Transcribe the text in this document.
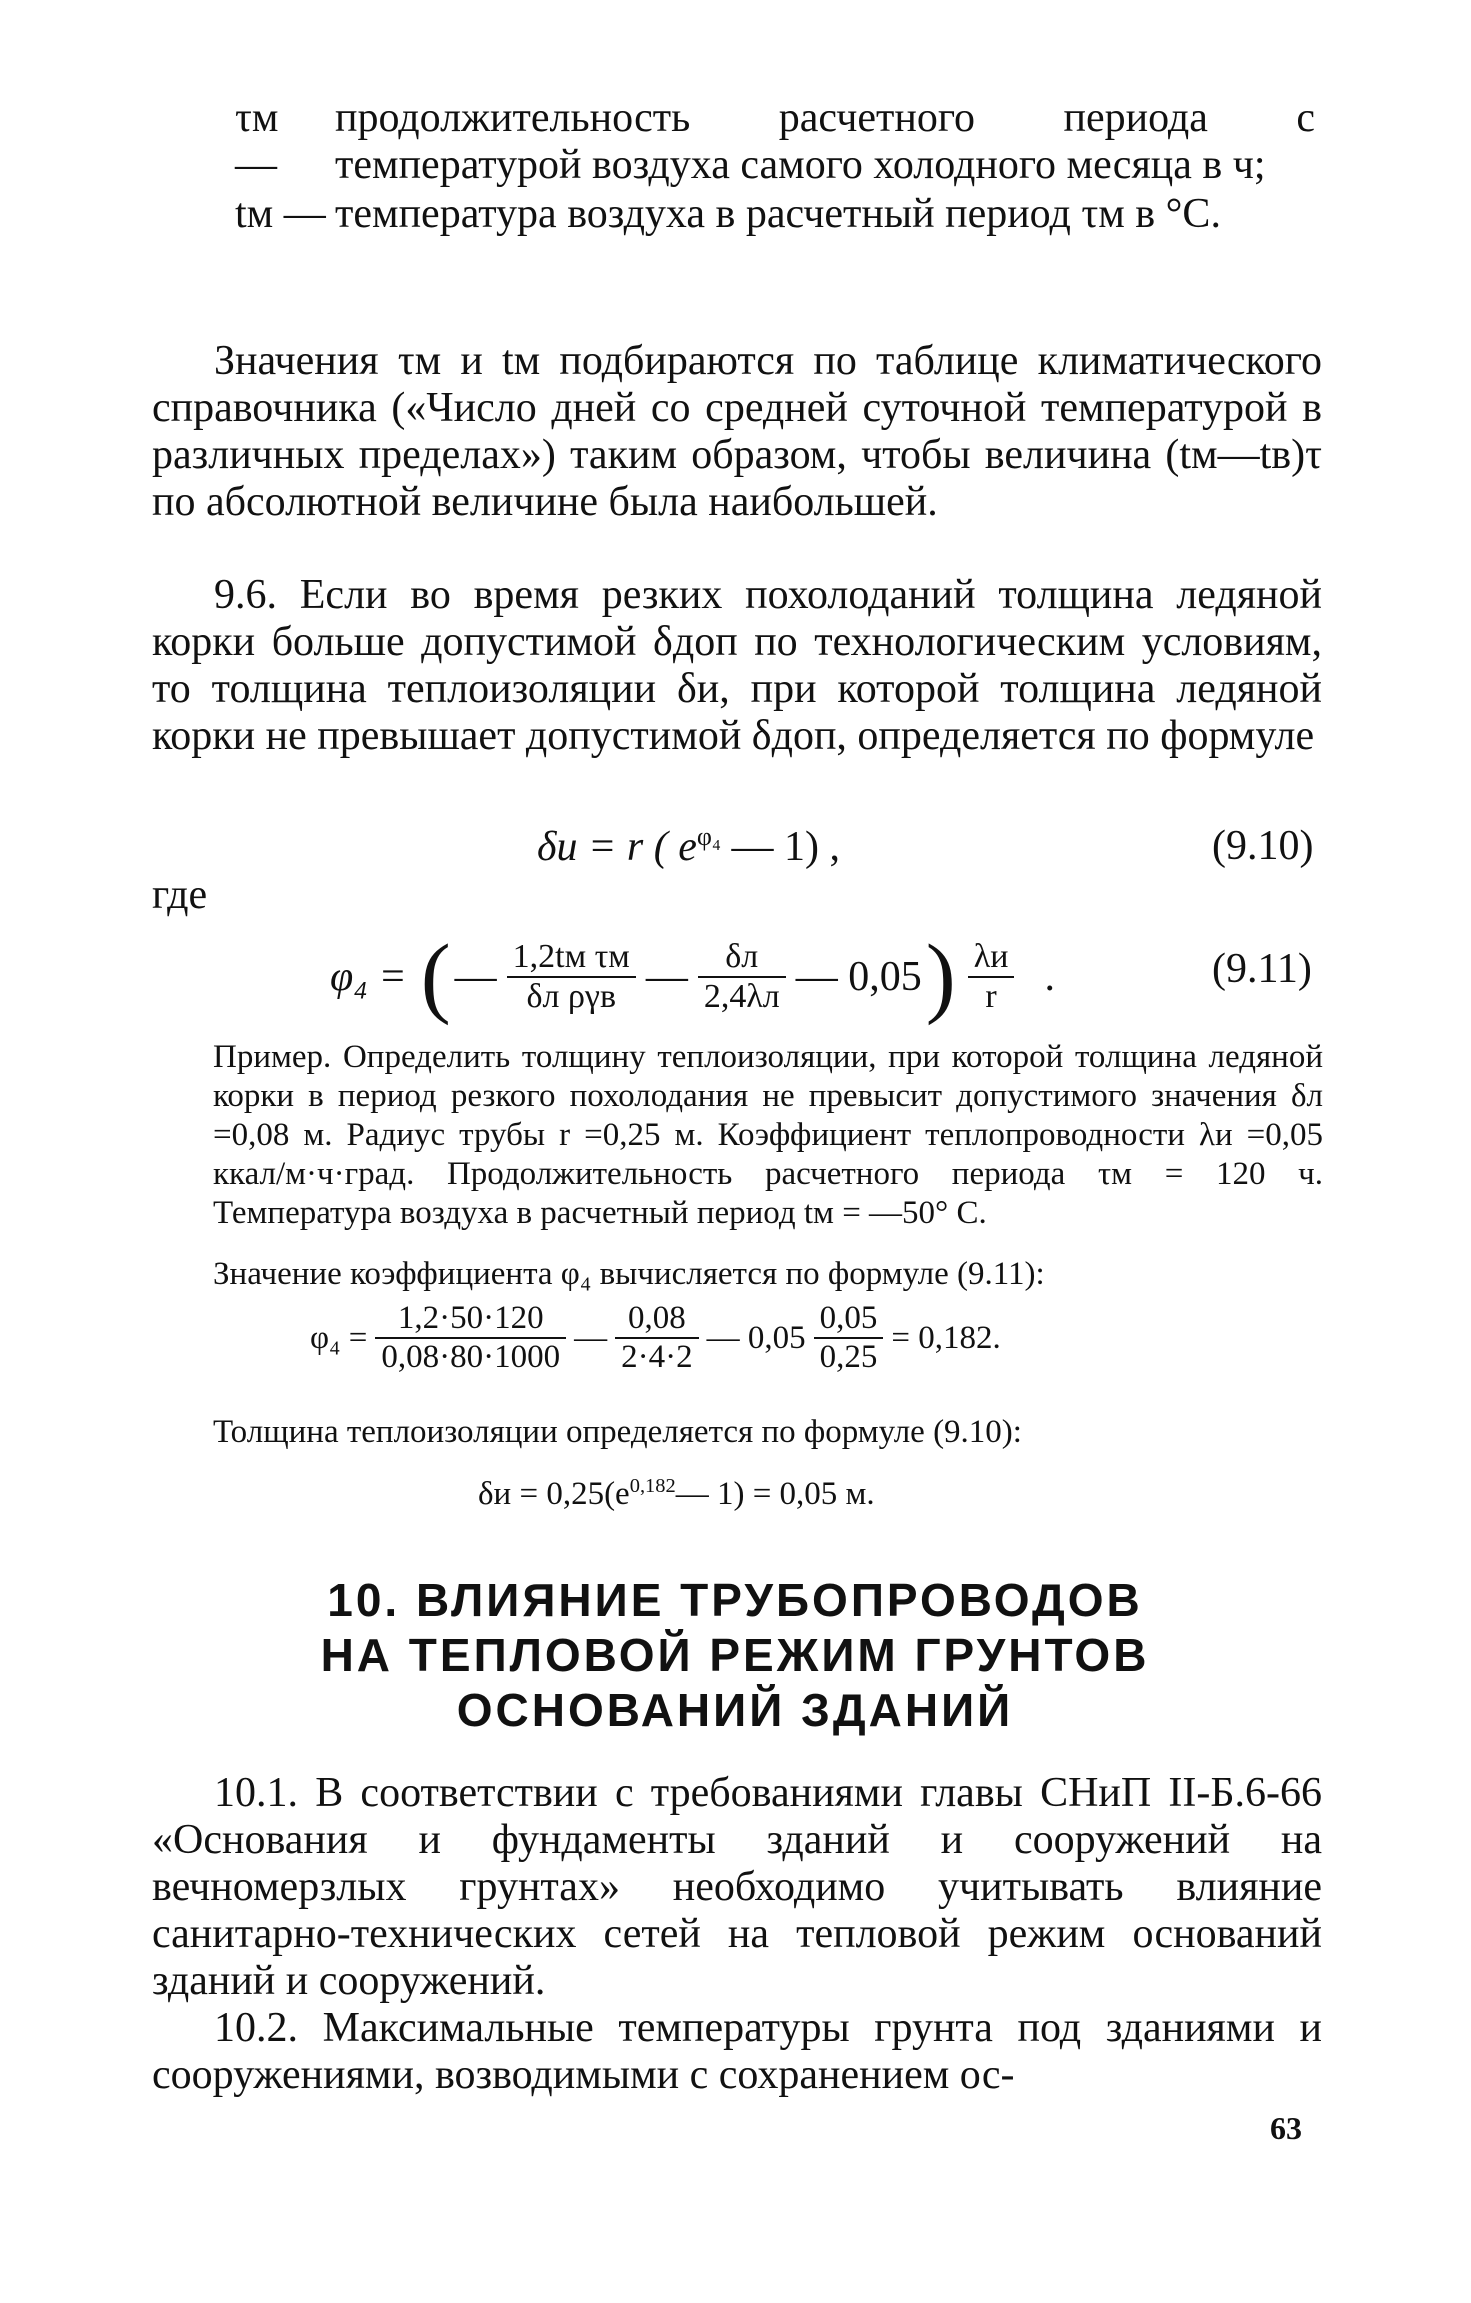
τм —
продолжительность расчетного периода с температурой воздуха самого холодного месяца в ч;
tм — температура воздуха в расчетный период τм в °C.

Значения τм и tм подбираются по таблице климатического справочника («Число дней со средней суточной температурой в различных пределах») таким образом, чтобы величина (tм—tв)τ по абсолютной величине была наибольшей.

9.6. Если во время резких похолоданий толщина ледяной корки больше допустимой δдоп по технологическим условиям, то толщина теплоизоляции δи, при которой толщина ледяной корки не превышает допустимой δдоп, определяется по формуле

δи = r ( $e^{\varphi_4}$ — 1) ,	(9.10)
где
φ₄ = ( — $\frac{\text{1,2tм τм}}{\text{δл ργв}}$ — $\frac{\delta л}{2,4\lambda л}$ — 0,05 ) $\frac{\lambda и}{r}$ .	(9.11)

Пример. Определить толщину теплоизоляции, при которой толщина ледяной корки в период резкого похолодания не превысит допустимого значения δл =0,08 м. Радиус трубы r =0,25 м. Коэффициент теплопроводности λи =0,05 ккал/м·ч·град. Продолжительность расчетного периода τм = 120 ч. Температура воздуха в расчетный период tм = —50° C.

Значение коэффициента φ₄ вычисляется по формуле (9.11):

$\varphi_4 = \frac{1,2\cdot 50\cdot 120}{0,08\cdot 80\cdot 1000}$ — $\frac{0,08}{2\cdot 4\cdot 2}$ — $0,05 \frac{0,05}{0,25} = 0,182$.

Толщина теплоизоляции определяется по формуле (9.10):

$\delta и = 0,25(e^{0,182}—$ 1) = 0,05 м.
10. ВЛИЯНИЕ ТРУБОПРОВОДОВ
НА ТЕПЛОВОЙ РЕЖИМ ГРУНТОВ
ОСНОВАНИЙ ЗДАНИЙ

10.1. В соответствии с требованиями главы СНиП II-Б.6-66 «Основания и фундаменты зданий и сооружений на вечномерзлых грунтах» необходимо учитывать влияние санитарно-технических сетей на тепловой режим оснований зданий и сооружений.

10.2. Максимальные температуры грунта под зданиями и сооружениями, возводимыми с сохранением ос-

63
